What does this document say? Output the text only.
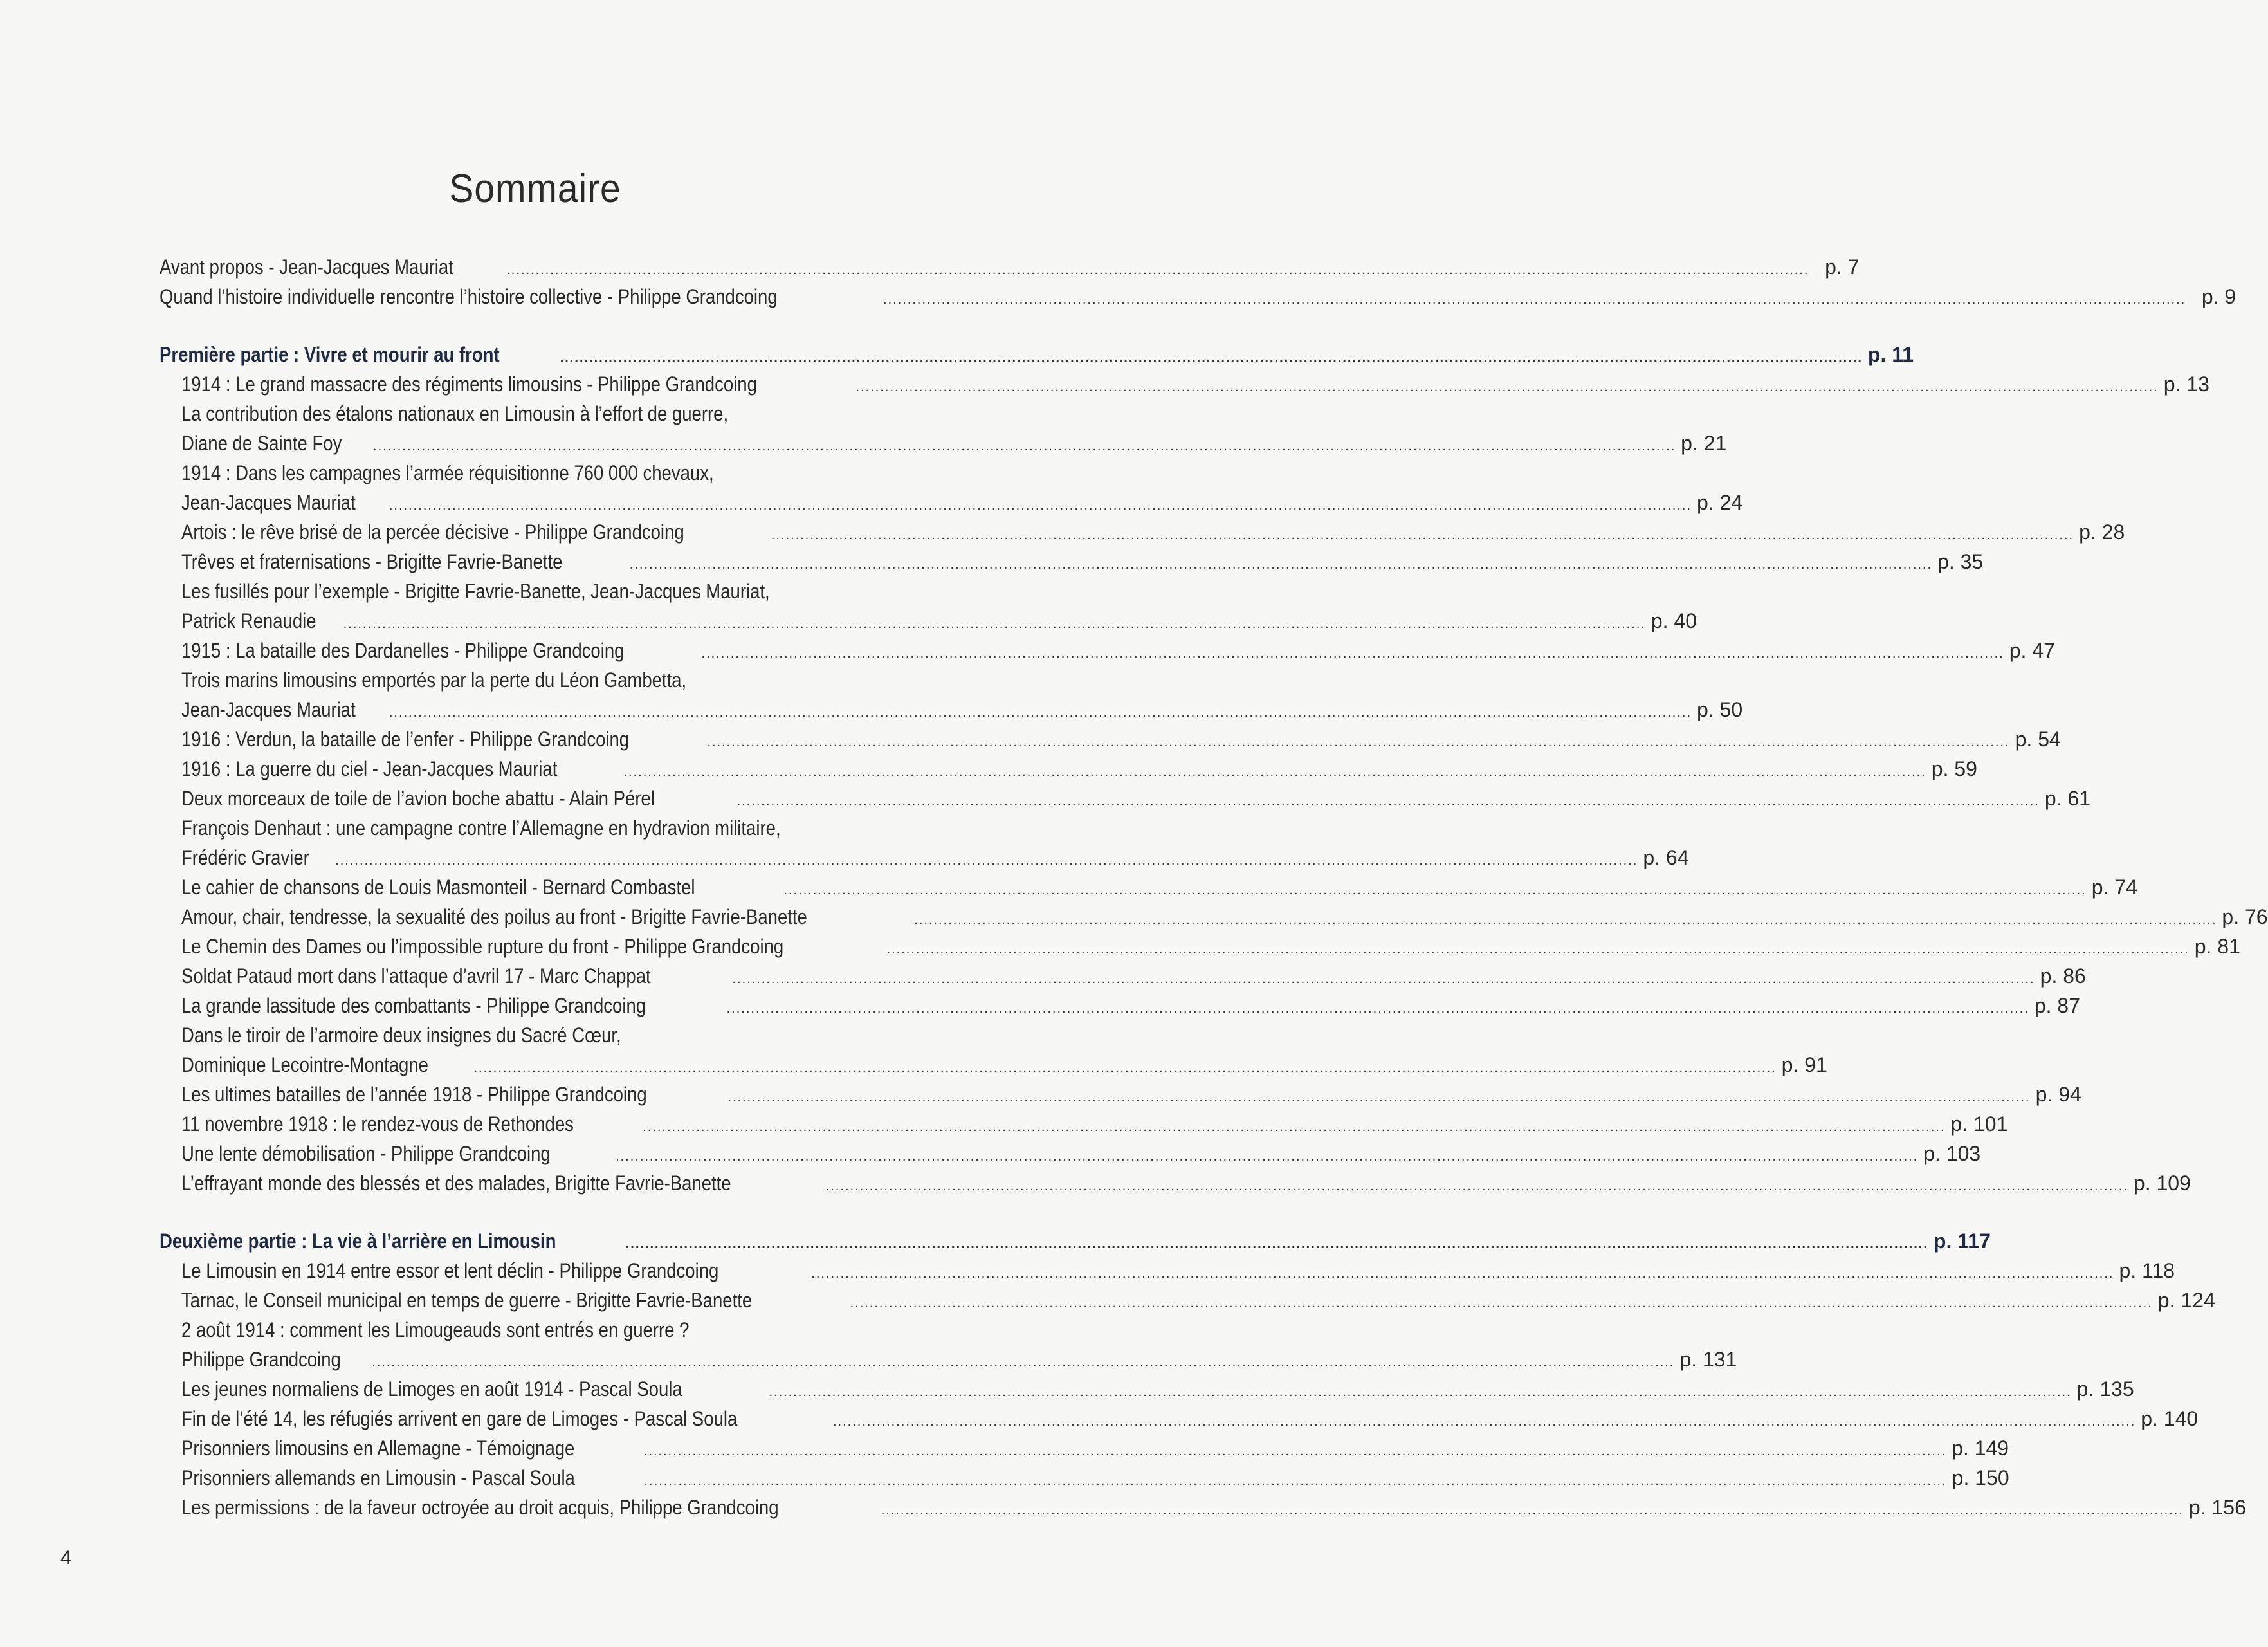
Sommaire
Avant propos - Jean-Jacques Mauriat .....	p. 7
Quand l’histoire individuelle rencontre l’histoire collective - Philippe Grandcoing .....	p. 9
Première partie : Vivre et mourir au front .....	p. 11
1914 : Le grand massacre des régiments limousins - Philippe Grandcoing .....	p. 13
La contribution des étalons nationaux en Limousin à l’effort de guerre,
Diane de Sainte Foy .....	p. 21
1914 : Dans les campagnes l’armée réquisitionne 760 000 chevaux,
Jean-Jacques Mauriat .....	p. 24
Artois : le rêve brisé de la percée décisive - Philippe Grandcoing .....	p. 28
Trêves et fraternisations - Brigitte Favrie-Banette .....	p. 35
Les fusillés pour l’exemple - Brigitte Favrie-Banette, Jean-Jacques Mauriat,
Patrick Renaudie .....	p. 40
1915 : La bataille des Dardanelles - Philippe Grandcoing .....	p. 47
Trois marins limousins emportés par la perte du Léon Gambetta,
Jean-Jacques Mauriat .....	p. 50
1916 : Verdun, la bataille de l’enfer - Philippe Grandcoing .....	p. 54
1916 : La guerre du ciel - Jean-Jacques Mauriat .....	p. 59
Deux morceaux de toile de l’avion boche abattu - Alain Pérel .....	p. 61
François Denhaut : une campagne contre l’Allemagne en hydravion militaire,
Frédéric Gravier .....	p. 64
Le cahier de chansons de Louis Masmonteil - Bernard Combastel .....	p. 74
Amour, chair, tendresse, la sexualité des poilus au front - Brigitte Favrie-Banette .....	p. 76
Le Chemin des Dames ou l’impossible rupture du front - Philippe Grandcoing .....	p. 81
Soldat Pataud mort dans l’attaque d’avril 17 - Marc Chappat .....	p. 86
La grande lassitude des combattants - Philippe Grandcoing .....	p. 87
Dans le tiroir de l’armoire deux insignes du Sacré Cœur,
Dominique Lecointre-Montagne .....	p. 91
Les ultimes batailles de l’année 1918 - Philippe Grandcoing .....	p. 94
11 novembre 1918 : le rendez-vous de Rethondes .....	p. 101
Une lente démobilisation - Philippe Grandcoing .....	p. 103
L’effrayant monde des blessés et des malades, Brigitte Favrie-Banette .....	p. 109
Deuxième partie : La vie à l’arrière en Limousin .....	p. 117
Le Limousin en 1914 entre essor et lent déclin - Philippe Grandcoing .....	p. 118
Tarnac, le Conseil municipal en temps de guerre - Brigitte Favrie-Banette .....	p. 124
2 août 1914 : comment les Limougeauds sont entrés en guerre ?
Philippe Grandcoing .....	p. 131
Les jeunes normaliens de Limoges en août 1914 - Pascal Soula .....	p. 135
Fin de l’été 14, les réfugiés arrivent en gare de Limoges - Pascal Soula .....	p. 140
Prisonniers limousins en Allemagne - Témoignage .....	p. 149
Prisonniers allemands en Limousin - Pascal Soula .....	p. 150
Les permissions : de la faveur octroyée au droit acquis, Philippe Grandcoing .....	p. 156
4
